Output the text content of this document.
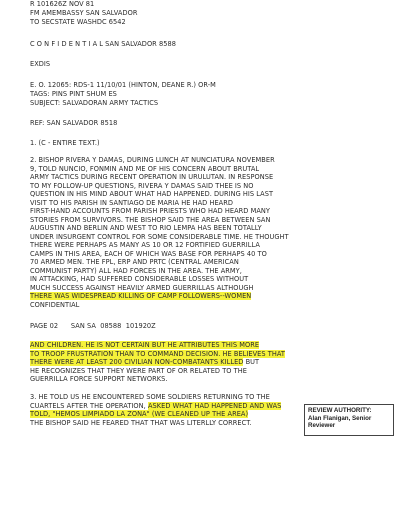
R 101626Z NOV 81
FM AMEMBASSY SAN SALVADOR
TO SECSTATE WASHDC 6542
C O N F I D E N T I A L SAN SALVADOR 8588
EXDIS
E. O. 12065: RDS-1 11/10/01 (HINTON, DEANE R.) OR-M
TAGS: PINS PINT SHUM ES
SUBJECT: SALVADORAN ARMY TACTICS
REF: SAN SALVADOR 8518
1. (C - ENTIRE TEXT.)
2. BISHOP RIVERA Y DAMAS, DURING LUNCH AT NUNCIATURA NOVEMBER
9, TOLD NUNCIO, FONMIN AND ME OF HIS CONCERN ABOUT BRUTAL
ARMY TACTICS DURING RECENT OPERATION IN URULUTAN. IN RESPONSE
TO MY FOLLOW-UP QUESTIONS, RIVERA Y DAMAS SAID THEE IS NO
QUESTION IN HIS MIND ABOUT WHAT HAD HAPPENED. DURING HIS LAST
VISIT TO HIS PARISH IN SANTIAGO DE MARIA HE HAD HEARD
FIRST-HAND ACCOUNTS FROM PARISH PRIESTS WHO HAD HEARD MANY
STORIES FROM SURVIVORS. THE BISHOP SAID THE AREA BETWEEN SAN
AUGUSTIN AND BERLIN AND WEST TO RIO LEMPA HAS BEEN TOTALLY
UNDER INSURGENT CONTROL FOR SOME CONSIDERABLE TIME. HE THOUGHT
THERE WERE PERHAPS AS MANY AS 10 OR 12 FORTIFIED GUERRILLA
CAMPS IN THIS AREA, EACH OF WHICH WAS BASE FOR PERHAPS 40 TO
70 ARMED MEN. THE FPL, ERP AND PRTC (CENTRAL AMERICAN
COMMUNIST PARTY) ALL HAD FORCES IN THE AREA. THE ARMY,
IN ATTACKING, HAD SUFFERED CONSIDERABLE LOSSES WITHOUT
MUCH SUCCESS AGAINST HEAVILY ARMED GUERRILLAS ALTHOUGH
THERE WAS WIDESPREAD KILLING OF CAMP FOLLOWERS--WOMEN
CONFIDENTIAL
PAGE 02      SAN SA  08588  101920Z
AND CHILDREN. HE IS NOT CERTAIN BUT HE ATTRIBUTES THIS MORE
TO TROOP FRUSTRATION THAN TO COMMAND DECISION. HE BELIEVES THAT
THERE WERE AT LEAST 200 CIVILIAN NON-COMBATANTS KILLED BUT
HE RECOGNIZES THAT THEY WERE PART OF OR RELATED TO THE
GUERRILLA FORCE SUPPORT NETWORKS.
3. HE TOLD US HE ENCOUNTERED SOME SOLDIERS RETURNING TO THE
CUARTELS AFTER THE OPERATION, ASKED WHAT HAD HAPPENED AND WAS
TOLD, "HEMOS LIMPIADO LA ZONA" (WE CLEANED UP THE AREA)
THE BISHOP SAID HE FEARED THAT THAT WAS LITERLLY CORRECT.
REVIEW AUTHORITY:
Alan Flanigan, Senior
Reviewer
